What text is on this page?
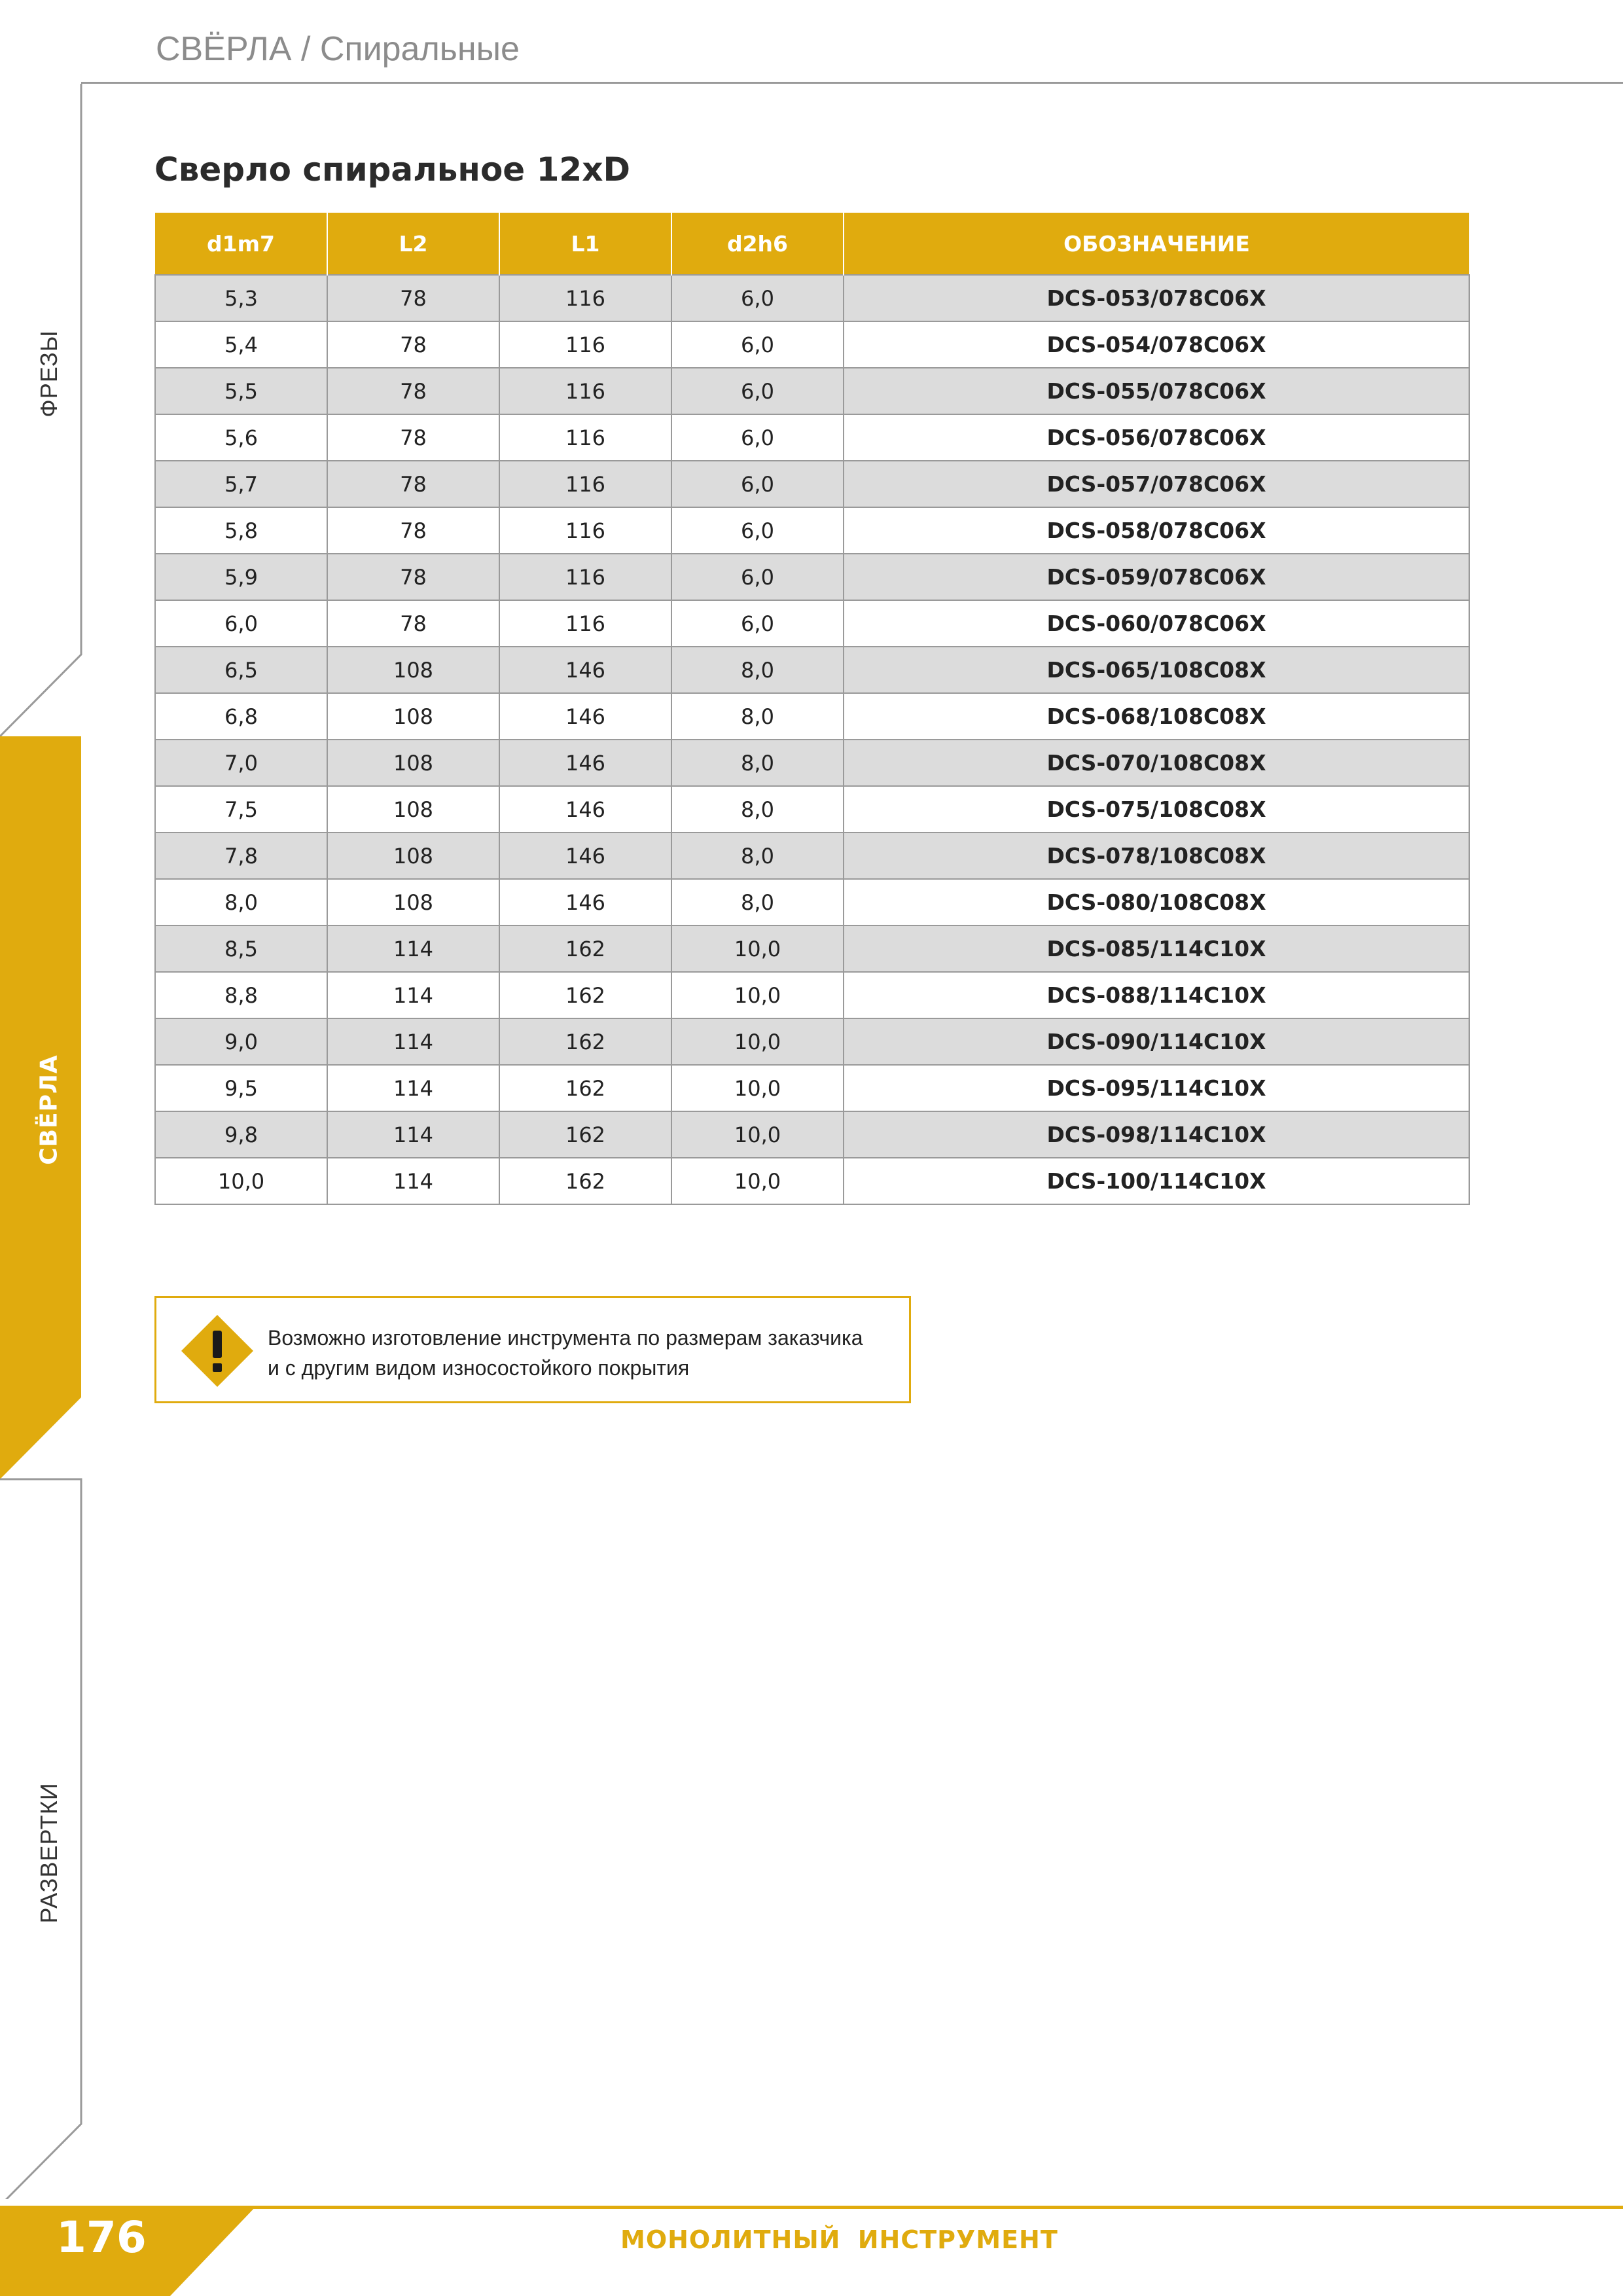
ФРЕЗЫ
СВЁРЛА
РАЗВЕРТКИ
СВЁРЛА / Спиральные
Сверло спиральное 12xD
d1m7	L2	L1	d2h6	ОБОЗНАЧЕНИЕ
5,3	78	116	6,0	DCS-053/078C06X
5,4	78	116	6,0	DCS-054/078C06X
5,5	78	116	6,0	DCS-055/078C06X
5,6	78	116	6,0	DCS-056/078C06X
5,7	78	116	6,0	DCS-057/078C06X
5,8	78	116	6,0	DCS-058/078C06X
5,9	78	116	6,0	DCS-059/078C06X
6,0	78	116	6,0	DCS-060/078C06X
6,5	108	146	8,0	DCS-065/108C08X
6,8	108	146	8,0	DCS-068/108C08X
7,0	108	146	8,0	DCS-070/108C08X
7,5	108	146	8,0	DCS-075/108C08X
7,8	108	146	8,0	DCS-078/108C08X
8,0	108	146	8,0	DCS-080/108C08X
8,5	114	162	10,0	DCS-085/114C10X
8,8	114	162	10,0	DCS-088/114C10X
9,0	114	162	10,0	DCS-090/114C10X
9,5	114	162	10,0	DCS-095/114C10X
9,8	114	162	10,0	DCS-098/114C10X
10,0	114	162	10,0	DCS-100/114C10X
Возможно изготовление инструмента по размерам заказчика
и с другим видом износостойкого покрытия
176	МОНОЛИТНЫЙ ИНСТРУМЕНТ
